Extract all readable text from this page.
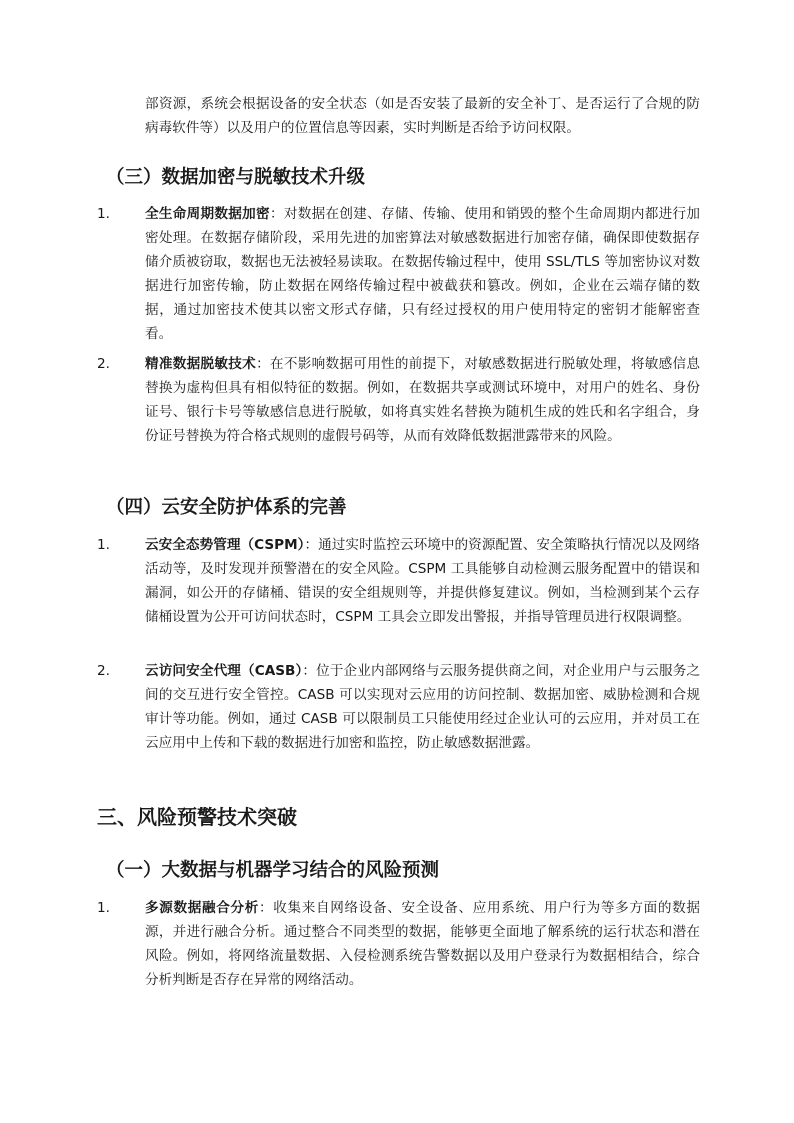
部资源，系统会根据设备的安全状态（如是否安装了最新的安全补丁、是否运行了合规的防病毒软件等）以及用户的位置信息等因素，实时判断是否给予访问权限。

（三）数据加密与脱敏技术升级
1.	全生命周期数据加密：对数据在创建、存储、传输、使用和销毁的整个生命周期内都进行加密处理。在数据存储阶段，采用先进的加密算法对敏感数据进行加密存储，确保即使数据存储介质被窃取，数据也无法被轻易读取。在数据传输过程中，使用 SSL/TLS 等加密协议对数据进行加密传输，防止数据在网络传输过程中被截获和篡改。例如，企业在云端存储的数据，通过加密技术使其以密文形式存储，只有经过授权的用户使用特定的密钥才能解密查看。

2.	精准数据脱敏技术：在不影响数据可用性的前提下，对敏感数据进行脱敏处理，将敏感信息替换为虚构但具有相似特征的数据。例如，在数据共享或测试环境中，对用户的姓名、身份证号、银行卡号等敏感信息进行脱敏，如将真实姓名替换为随机生成的姓氏和名字组合，身份证号替换为符合格式规则的虚假号码等，从而有效降低数据泄露带来的风险。

（四）云安全防护体系的完善
1.	云安全态势管理（CSPM）：通过实时监控云环境中的资源配置、安全策略执行情况以及网络活动等，及时发现并预警潜在的安全风险。CSPM 工具能够自动检测云服务配置中的错误和漏洞，如公开的存储桶、错误的安全组规则等，并提供修复建议。例如，当检测到某个云存储桶设置为公开可访问状态时，CSPM 工具会立即发出警报，并指导管理员进行权限调整。

2.	云访问安全代理（CASB）：位于企业内部网络与云服务提供商之间，对企业用户与云服务之间的交互进行安全管控。CASB 可以实现对云应用的访问控制、数据加密、威胁检测和合规审计等功能。例如，通过 CASB 可以限制员工只能使用经过企业认可的云应用，并对员工在云应用中上传和下载的数据进行加密和监控，防止敏感数据泄露。

三、风险预警技术突破
（一）大数据与机器学习结合的风险预测
1.	多源数据融合分析：收集来自网络设备、安全设备、应用系统、用户行为等多方面的数据源，并进行融合分析。通过整合不同类型的数据，能够更全面地了解系统的运行状态和潜在风险。例如，将网络流量数据、入侵检测系统告警数据以及用户登录行为数据相结合，综合分析判断是否存在异常的网络活动。
